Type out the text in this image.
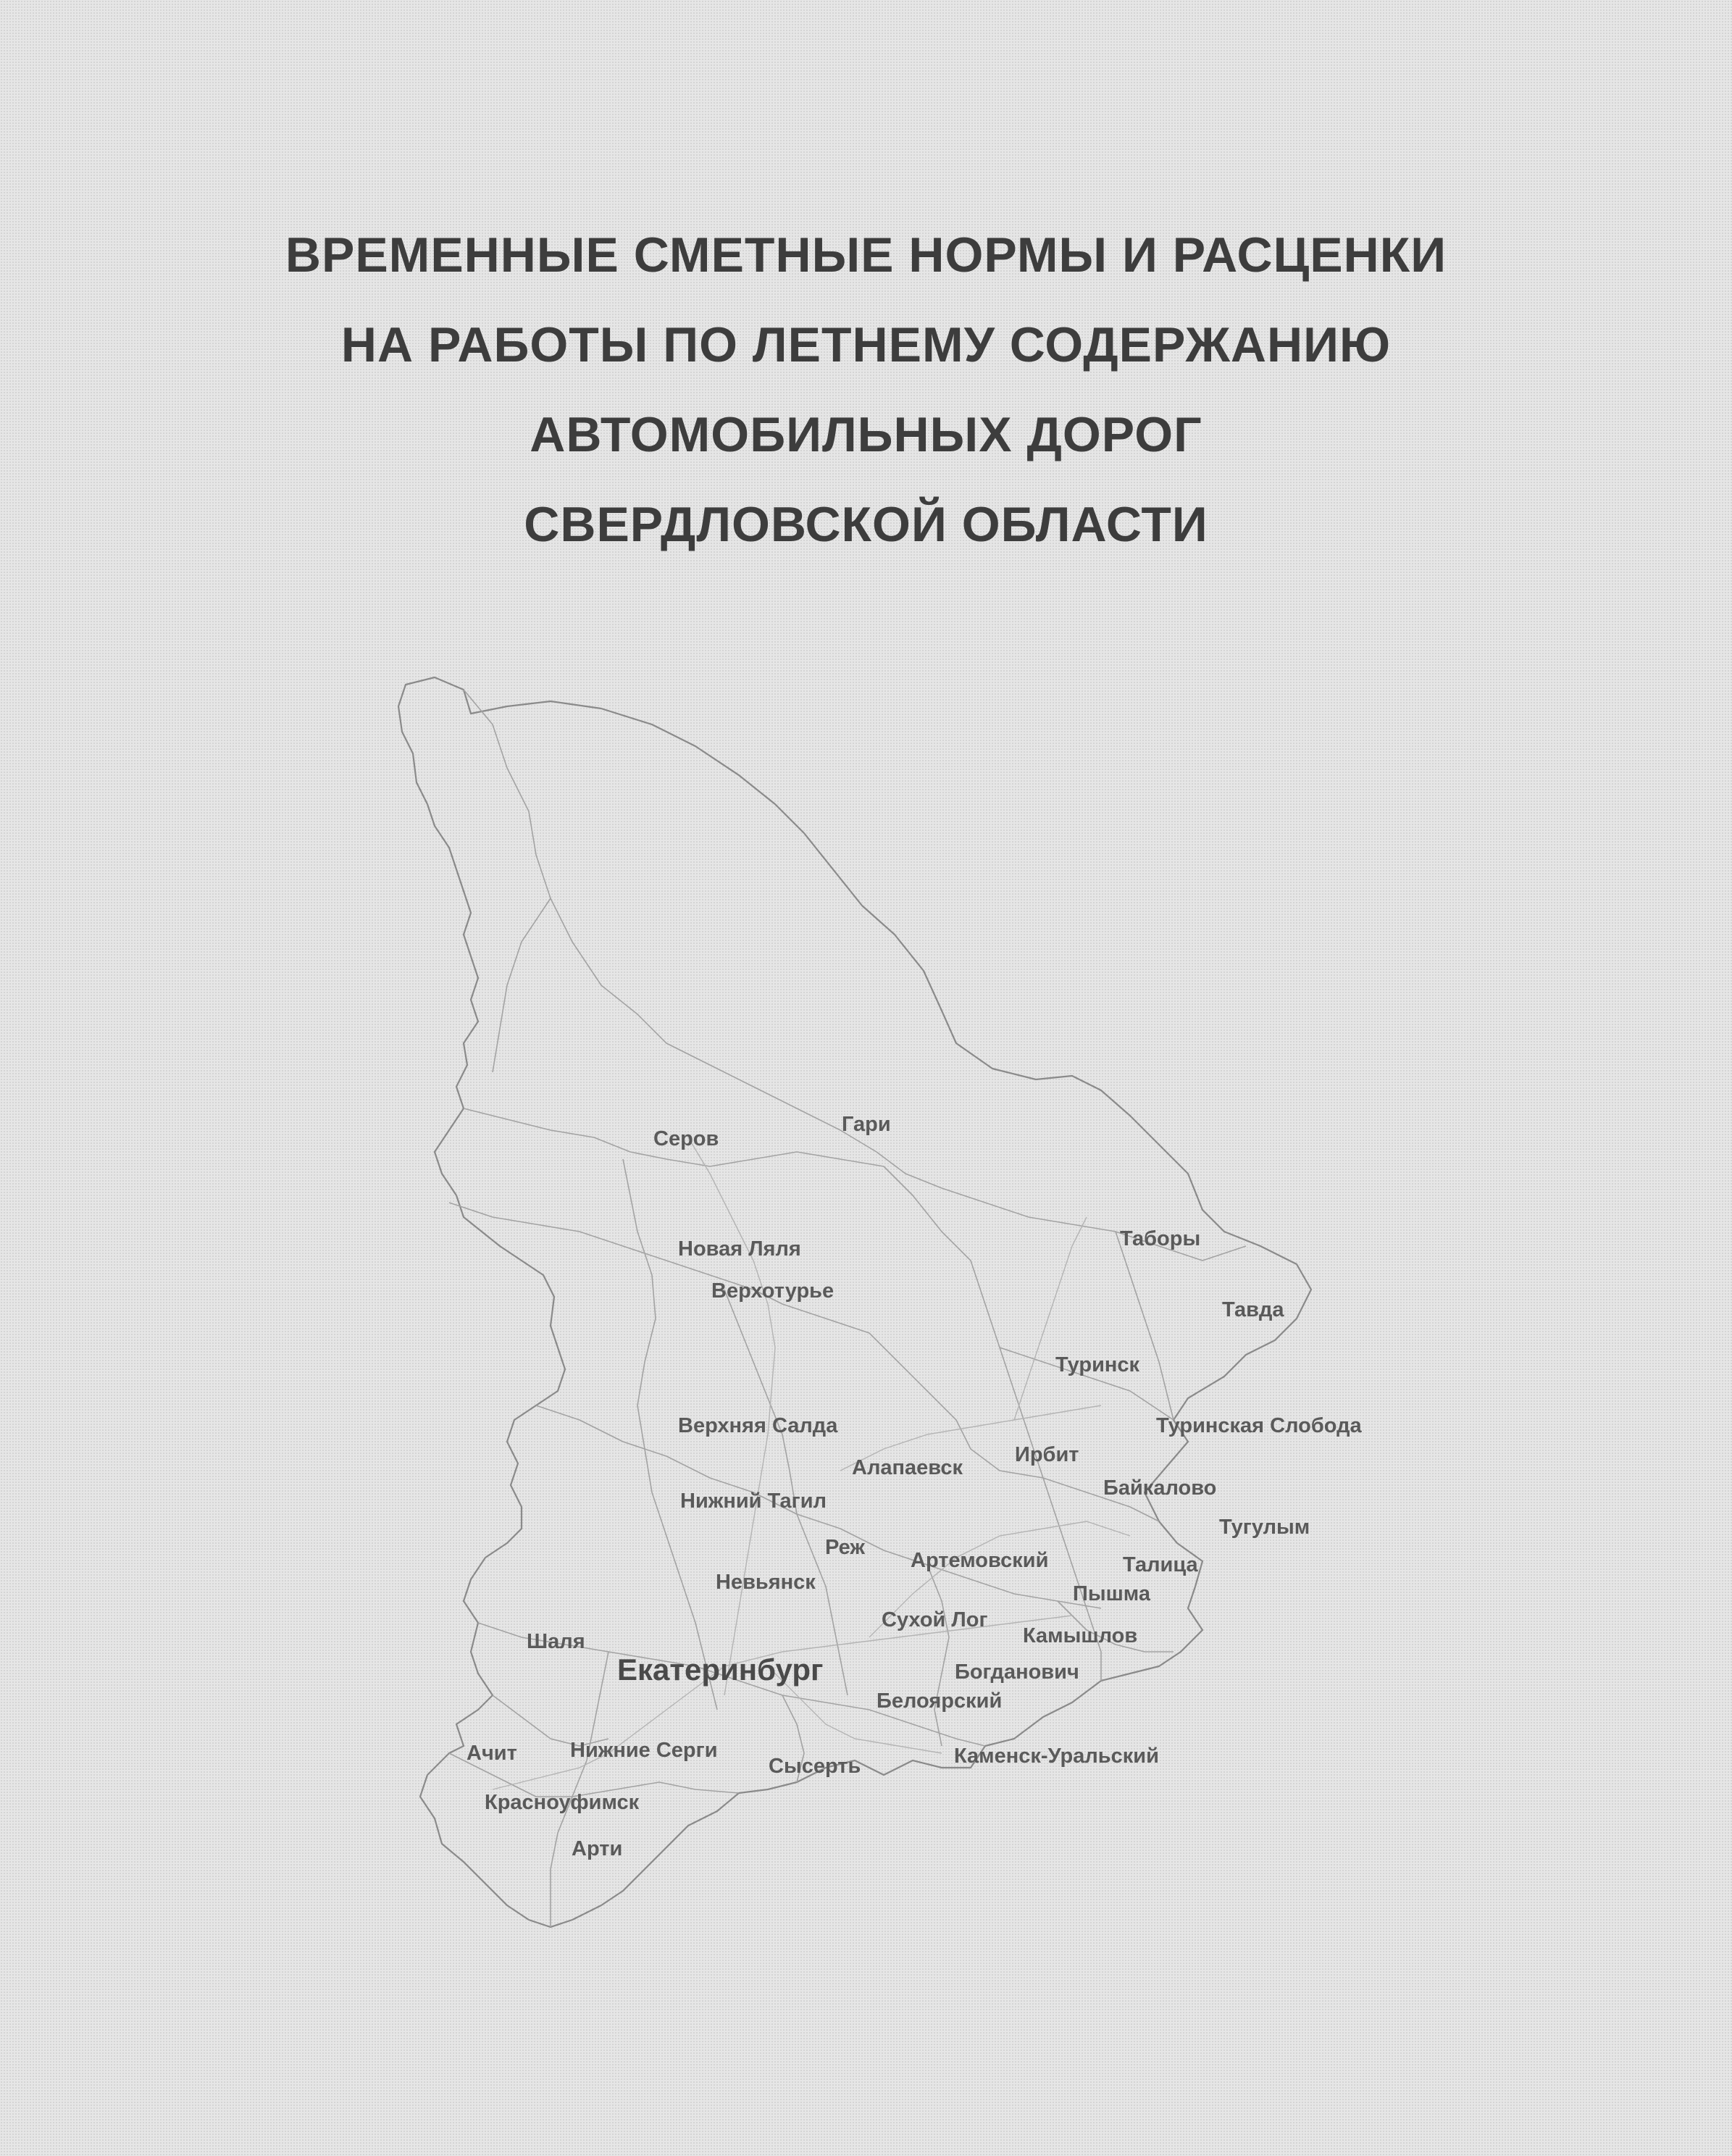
ВРЕМЕННЫЕ СМЕТНЫЕ НОРМЫ И РАСЦЕНКИ
НА РАБОТЫ ПО ЛЕТНЕМУ СОДЕРЖАНИЮ
АВТОМОБИЛЬНЫХ ДОРОГ
СВЕРДЛОВСКОЙ ОБЛАСТИ
Серов
Гари
Таборы
Новая Ляля
Верхотурье
Тавда
Туринск
Верхняя Салда	Туринская Слобода
Ирбит
Алапаевск
Байкалово
Нижний Тагил
Тугулым
Реж
Артемовский	Талица
Невьянск	Пышма
Сухой Лог
Камышлов
Шаля
Екатеринбург	Богданович
Белоярский
Ачит	Нижние Серги
Сысерть	Каменск-Уральский
Красноуфимск
Арти
